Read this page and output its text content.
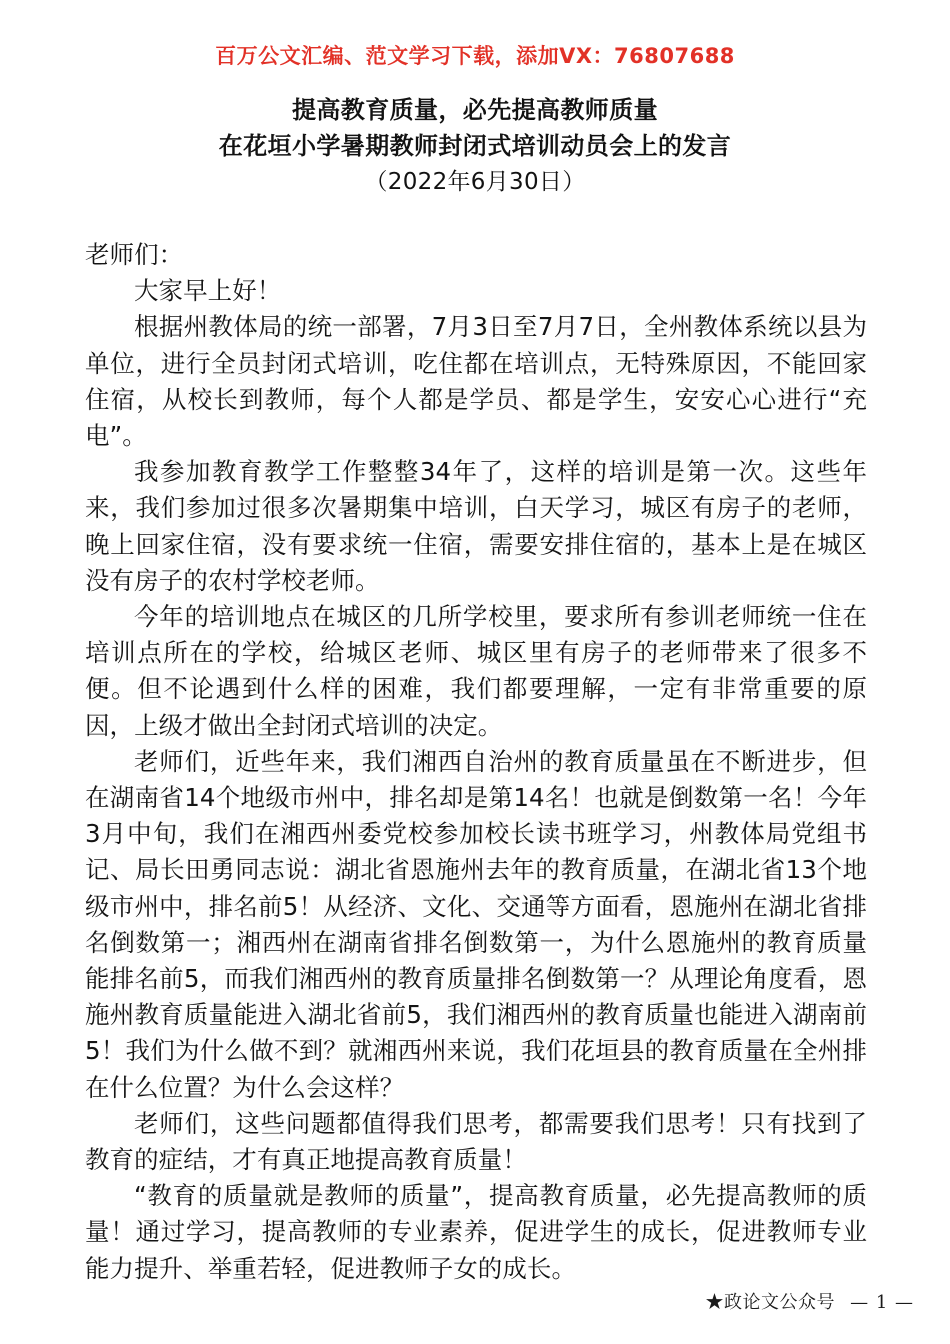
百万公文汇编、范文学习下载，添加VX：76807688
提高教育质量，必先提高教师质量
在花垣小学暑期教师封闭式培训动员会上的发言
（2022年6月30日）

老师们：

大家早上好！

根据州教体局的统一部署，7月3日至7月7日，全州教体系统以县为单位，进行全员封闭式培训，吃住都在培训点，无特殊原因，不能回家住宿，从校长到教师，每个人都是学员、都是学生，安安心心进行“充电”。

我参加教育教学工作整整34年了，这样的培训是第一次。这些年来，我们参加过很多次暑期集中培训，白天学习，城区有房子的老师，晚上回家住宿，没有要求统一住宿，需要安排住宿的，基本上是在城区没有房子的农村学校老师。

今年的培训地点在城区的几所学校里，要求所有参训老师统一住在培训点所在的学校，给城区老师、城区里有房子的老师带来了很多不便。但不论遇到什么样的困难，我们都要理解，一定有非常重要的原因，上级才做出全封闭式培训的决定。

老师们，近些年来，我们湘西自治州的教育质量虽在不断进步，但在湖南省14个地级市州中，排名却是第14名！也就是倒数第一名！今年3月中旬，我们在湘西州委党校参加校长读书班学习，州教体局党组书记、局长田勇同志说：湖北省恩施州去年的教育质量，在湖北省13个地级市州中，排名前5！从经济、文化、交通等方面看，恩施州在湖北省排名倒数第一；湘西州在湖南省排名倒数第一，为什么恩施州的教育质量能排名前5，而我们湘西州的教育质量排名倒数第一？从理论角度看，恩施州教育质量能进入湖北省前5，我们湘西州的教育质量也能进入湖南前5！我们为什么做不到？就湘西州来说，我们花垣县的教育质量在全州排在什么位置？为什么会这样？

老师们，这些问题都值得我们思考，都需要我们思考！只有找到了教育的症结，才有真正地提高教育质量！

“教育的质量就是教师的质量”，提高教育质量，必先提高教师的质量！通过学习，提高教师的专业素养，促进学生的成长，促进教师专业能力提升、举重若轻，促进教师子女的成长。

★政论文公众号 — 1 —
